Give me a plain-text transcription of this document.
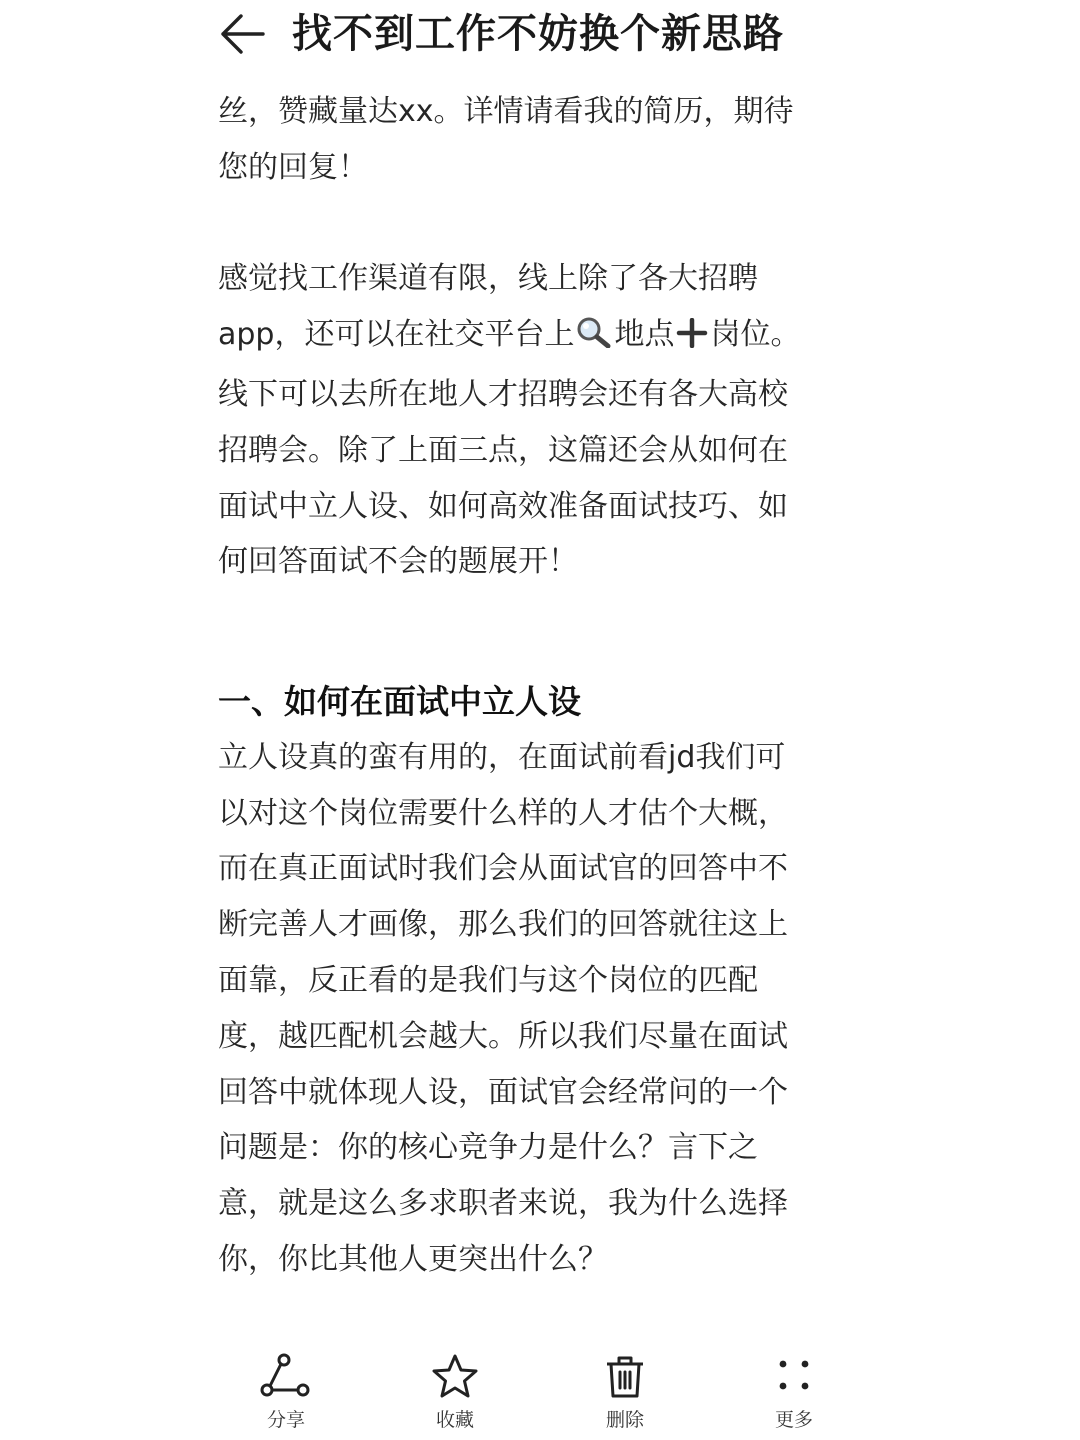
找不到工作不妨换个新思路

丝，赞藏量达xx。详情请看我的简历，期待
您的回复！

感觉找工作渠道有限，线上除了各大招聘
app，还可以在社交平台上 地点 岗位。
线下可以去所在地人才招聘会还有各大高校
招聘会。除了上面三点，这篇还会从如何在
面试中立人设、如何高效准备面试技巧、如
何回答面试不会的题展开！

一、如何在面试中立人设

立人设真的蛮有用的，在面试前看jd我们可
以对这个岗位需要什么样的人才估个大概，
而在真正面试时我们会从面试官的回答中不
断完善人才画像，那么我们的回答就往这上
面靠，反正看的是我们与这个岗位的匹配
度，越匹配机会越大。所以我们尽量在面试
回答中就体现人设，面试官会经常问的一个
问题是：你的核心竞争力是什么？言下之
意，就是这么多求职者来说，我为什么选择
你，你比其他人更突出什么？

分享	收藏	删除	更多
